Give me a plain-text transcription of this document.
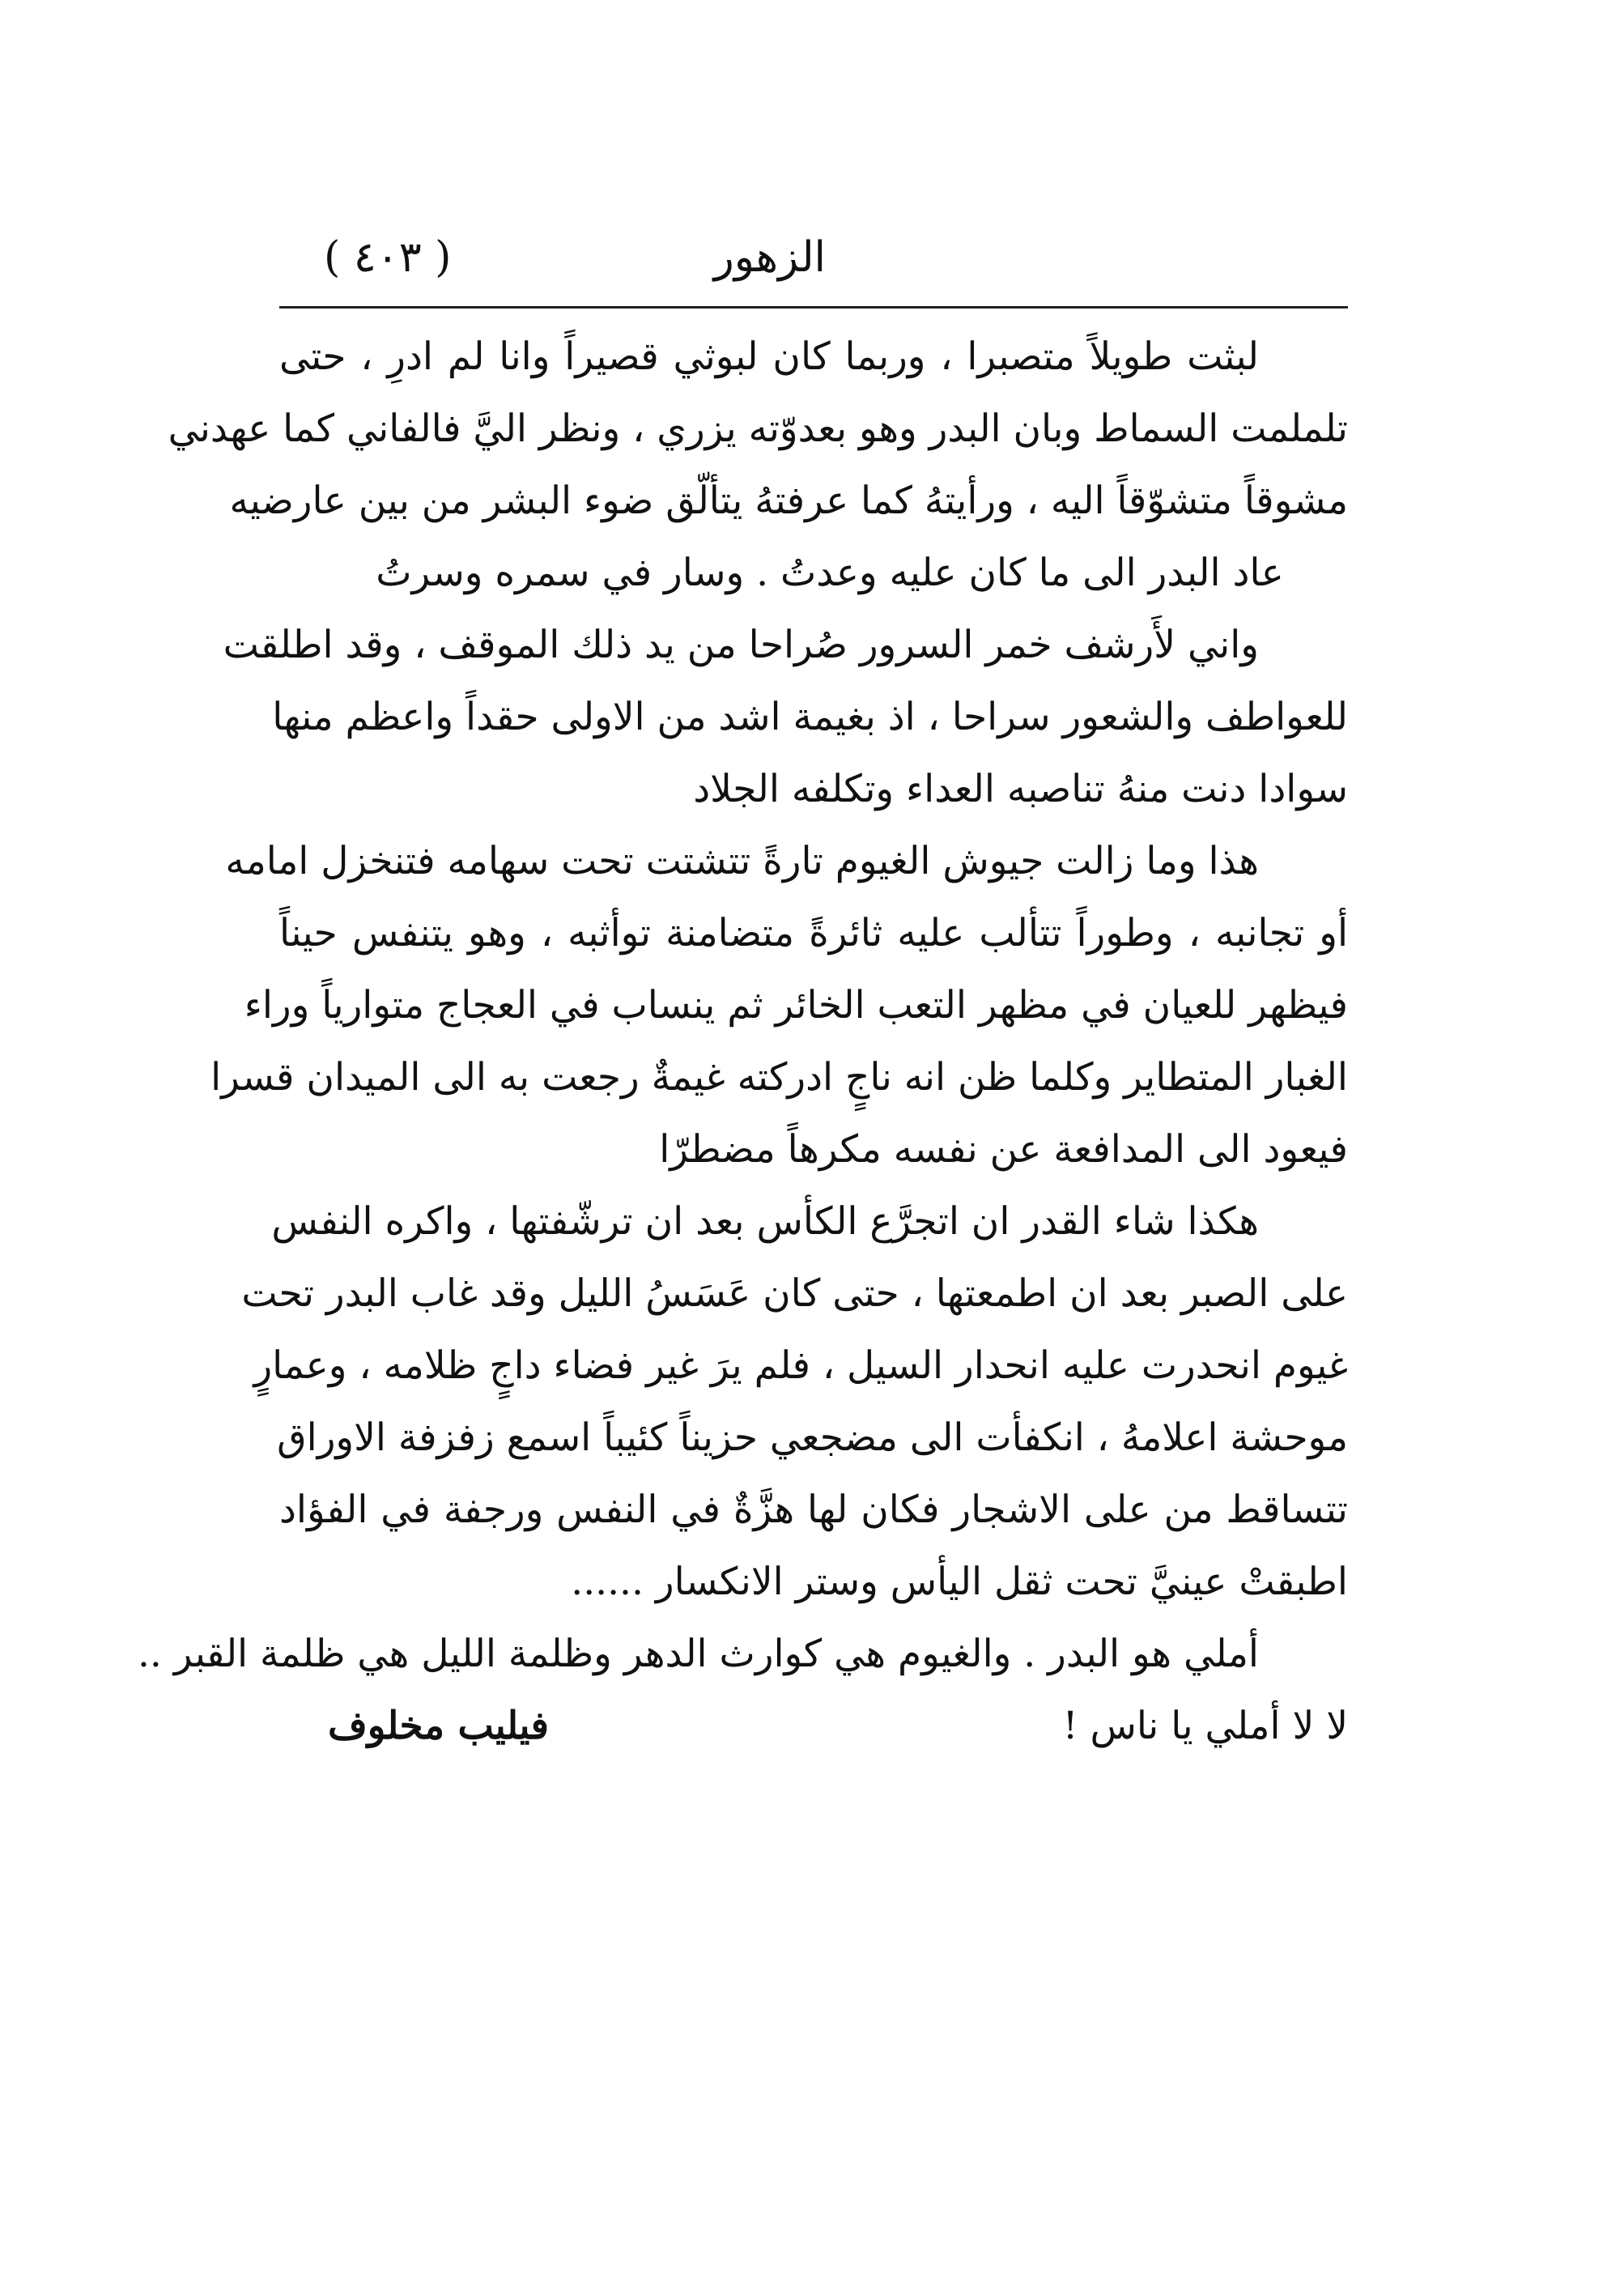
الزهور
( ٤٠٣ )
لبثت طويلاً متصبرا ، وربما كان لبوثي قصيراً وانا لم ادرِ ، حتى
تلملمت السماط وبان البدر وهو بعدوّته يزري ، ونظر اليَّ فالفاني كما عهدني
مشوقاً متشوّقاً اليه ، ورأيتهُ كما عرفتهُ يتألّق ضوء البشر من بين عارضيه
عاد البدر الى ما كان عليه وعدتُ . وسار في سمره وسرتُ
واني لأَرشف خمر السرور صُراحا من يد ذلك الموقف ، وقد اطلقت
للعواطف والشعور سراحا ، اذ بغيمة اشد من الاولى حقداً واعظم منها
سوادا دنت منهُ تناصبه العداء وتكلفه الجلاد
هذا وما زالت جيوش الغيوم تارةً تتشتت تحت سهامه فتنخزل امامه
أو تجانبه ، وطوراً تتألب عليه ثائرةً متضامنة توأثبه ، وهو يتنفس حيناً
فيظهر للعيان في مظهر التعب الخائر ثم ينساب في العجاج متوارياً وراء
الغبار المتطاير وكلما ظن انه ناجٍ ادركته غيمةٌ رجعت به الى الميدان قسرا
فيعود الى المدافعة عن نفسه مكرهاً مضطرّا
هكذا شاء القدر ان اتجرَّع الكأس بعد ان ترشّفتها ، واكره النفس
على الصبر بعد ان اطمعتها ، حتى كان عَسَسُ الليل وقد غاب البدر تحت
غيوم انحدرت عليه انحدار السيل ، فلم يرَ غير فضاء داجٍ ظلامه ، وعمارٍ
موحشة اعلامهُ ، انكفأت الى مضجعي حزيناً كئيباً اسمع زفزفة الاوراق
تتساقط من على الاشجار فكان لها هزَّةٌ في النفس ورجفة في الفؤاد
اطبقتْ عينيَّ تحت ثقل اليأس وستر الانكسار ......
أملي هو البدر . والغيوم هي كوارث الدهر وظلمة الليل هي ظلمة القبر ..
لا لا أملي يا ناس !
فيليب مخلوف
